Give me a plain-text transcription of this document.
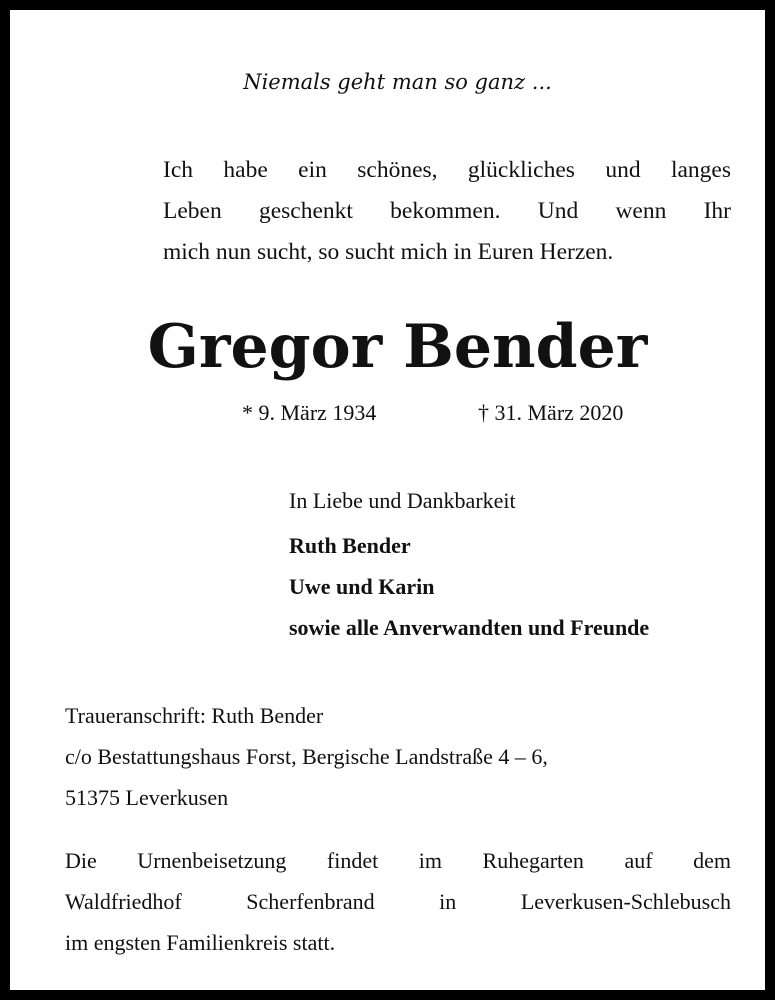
Niemals geht man so ganz ...
Ich habe ein schönes, glückliches und langes
Leben geschenkt bekommen. Und wenn Ihr
mich nun sucht, so sucht mich in Euren Herzen.
Gregor Bender
* 9. März 1934	† 31. März 2020
In Liebe und Dankbarkeit
Ruth Bender
Uwe und Karin
sowie alle Anverwandten und Freunde
Traueranschrift: Ruth Bender
c/o Bestattungshaus Forst, Bergische Landstraße 4 – 6,
51375 Leverkusen
Die Urnenbeisetzung findet im Ruhegarten auf dem
Waldfriedhof Scherfenbrand in Leverkusen-Schlebusch
im engsten Familienkreis statt.
